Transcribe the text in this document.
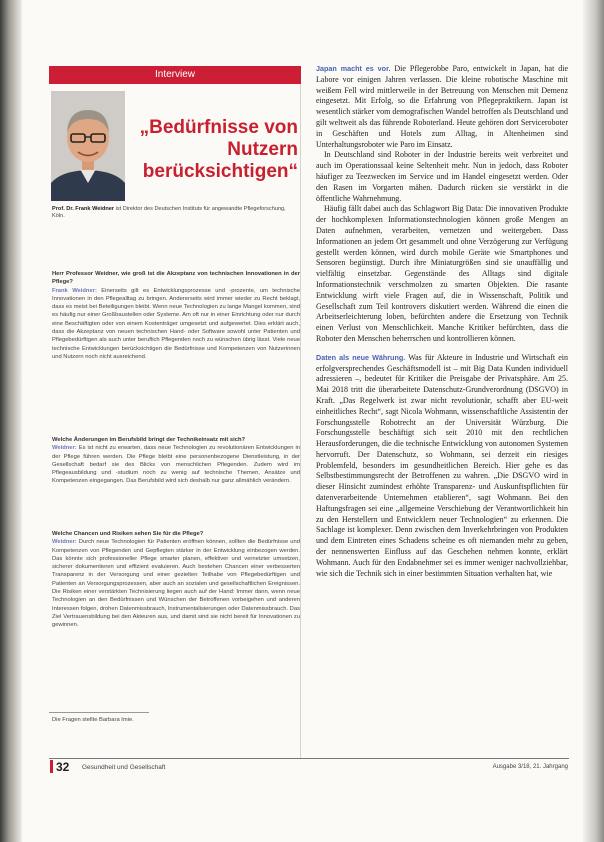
Interview
„Bedürfnisse von Nutzern berücksichtigen“
Prof. Dr. Frank Weidner ist Direktor des Deutschen Instituts für angewandte Pflegeforschung, Köln.
Herr Professor Weidner, wie groß ist die Akzeptanz von technischen Innovationen in der Pflege?
Frank Weidner: Einerseits gilt es Entwicklungsprozesse und -prozente, um technische Innovationen in den Pflegealltag zu bringen. Andererseits wird immer wieder zu Recht beklagt, dass es meist bei Beteiligungen bleibt. Wenn neue Technologien zu lange Mangel kommen, sind es häufig nur einer Großbaustellen oder Systeme. Am oft nur in einer Einrichtung oder nur durch eine Beschäftigten oder von einem Kostenträger umgesetzt und aufgewertet. Dies erklärt auch, dass die Akzeptanz von neuen technischen Hand- oder Software sowohl unter Patienten und Pflegebedürftigen als auch unter beruflich Pflegenden noch zu wünschen übrig lässt. Viele neue technische Entwicklungen berücksichtigen die Bedürfnisse und Kompetenzen von Nutzerinnen und Nutzern noch nicht ausreichend.
Welche Änderungen im Berufsbild bringt der Technikeinsatz mit sich?
Weidner: Es ist nicht zu erwarten, dass neue Technologien zu revolutionären Entwicklungen in der Pflege führen werden. Die Pflege bleibt eine personenbezogene Dienstleistung, in der Gesellschaft bedarf sie des Blicks von menschlichen Pflegenden. Zudem wird im Pflegeausbildung und -studium noch zu wenig auf technische Themen, Ansätze und Kompetenzen eingegangen. Das Berufsbild wird sich deshalb nur ganz allmählich verändern.
Welche Chancen und Risiken sehen Sie für die Pflege?
Weidner: Durch neue Technologien für Patienten eröffnen können, sollten die Bedürfnisse und Kompetenzen von Pflegenden und Gepflegten stärker in der Entwicklung einbezogen werden. Das könnte sich professioneller Pflege smarter planen, effektiver und vernetzter umsetzen, sicherer dokumentieren und effizient evaluieren. Auch bestehen Chancen einer verbesserten Transparenz in der Versorgung und einer gezielten Teilhabe von Pflegebedürftigen und Patienten an Versorgungsprozessen, aber auch an sozialen und gesellschaftlichen Ereignissen. Die Risiken einer verstärkten Technisierung liegen auch auf der Hand: Immer dann, wenn neue Technologien an den Bedürfnissen und Wünschen der Betroffenen vorbeigehen und anderen Interessen folgen, drohen Datenmissbrauch, Instrumentalisierungen oder Datenmissbrauch. Das Ziel Vertrauensbildung bei den Akteuren aus, und damit sind sie nicht bereit für Innovationen zu gewinnen.
Die Fragen stellte Barbara Imie.

Japan macht es vor. Die Pflegerobbe Paro, entwickelt in Japan, hat die Labore vor einigen Jahren verlassen. Die kleine robotische Maschine mit weißem Fell wird mittlerweile in der Betreuung von Menschen mit Demenz eingesetzt. Mit Erfolg, so die Erfahrung von Pflegepraktikern. Japan ist wesentlich stärker vom demografischen Wandel betroffen als Deutschland und gilt weltweit als das führende Roboterland. Heute gehören dort Serviceroboter in Geschäften und Hotels zum Alltag, in Altenheimen sind Unterhaltungsroboter wie Paro im Einsatz.

In Deutschland sind Roboter in der Industrie bereits weit verbreitet und auch im Operationssaal keine Seltenheit mehr. Nun in jedoch, dass Roboter häufiger zu Teezwecken im Service und im Handel eingesetzt werden. Oder den Rasen im Vorgarten mähen. Dadurch rücken sie verstärkt in die öffentliche Wahrnehmung.

Häufig fällt dabei auch das Schlagwort Big Data: Die innovativen Produkte der hochkomplexen Informationstechnologien können große Mengen an Daten aufnehmen, verarbeiten, vernetzen und weitergeben. Dass Informationen an jedem Ort gesammelt und ohne Verzögerung zur Verfügung gestellt werden können, wird durch mobile Geräte wie Smartphones und Sensoren begünstigt. Durch ihre Miniaturgrößen sind sie unauffällig und vielfältig einsetzbar. Gegenstände des Alltags sind digitale Informationstechnik verschmolzen zu smarten Objekten. Die rasante Entwicklung wirft viele Fragen auf, die in Wissenschaft, Politik und Gesellschaft zum Teil kontrovers diskutiert werden. Während die einen die Arbeitserleichterung loben, befürchten andere die Ersetzung von Technik einen Verlust von Menschlichkeit. Manche Kritiker befürchten, dass die Roboter den Menschen beherrschen und kontrollieren können.

Daten als neue Währung. Was für Akteure in Industrie und Wirtschaft ein erfolgversprechendes Geschäftsmodell ist – mit Big Data Kunden individuell adressieren –, bedeutet für Kritiker die Preisgabe der Privatsphäre. Am 25. Mai 2018 tritt die überarbeitete Datenschutz-Grundverordnung (DSGVO) in Kraft. „Das Regelwerk ist zwar nicht revolutionär, schafft aber EU-weit einheitliches Recht“, sagt Nicola Wohmann, wissenschaftliche Assistentin der Forschungsstelle Robotrecht an der Universität Würzburg. Die Forschungsstelle beschäftigt sich seit 2010 mit den rechtlichen Herausforderungen, die die technische Entwicklung von autonomen Systemen hervorruft. Der Datenschutz, so Wohmann, sei derzeit ein riesiges Problemfeld, besonders im gesundheitlichen Bereich. Hier gehe es das Selbstbestimmungsrecht der Betroffenen zu wahren. „Die DSGVO wird in dieser Hinsicht zumindest erhöhte Transparenz- und Auskunftspflichten für datenverarbeitende Unternehmen etablieren“, sagt Wohmann. Bei den Haftungsfragen sei eine „allgemeine Verschiebung der Verantwortlichkeit hin zu den Herstellern und Entwicklern neuer Technologien“ zu erkennen. Die Sachlage ist komplexer. Denn zwischen dem Inverkehrbringen von Produkten und dem Eintreten eines Schadens scheine es oft niemanden mehr zu geben, der nennenswerten Einfluss auf das Geschehen nehmen konnte, erklärt Wohmann. Auch für den Endabnehmer sei es immer weniger nachvollziehbar, wie sich die Technik sich in einer bestimmten Situation verhalten hat, wie

32 Gesundheit und Gesellschaft	Ausgabe 3/18, 21. Jahrgang
